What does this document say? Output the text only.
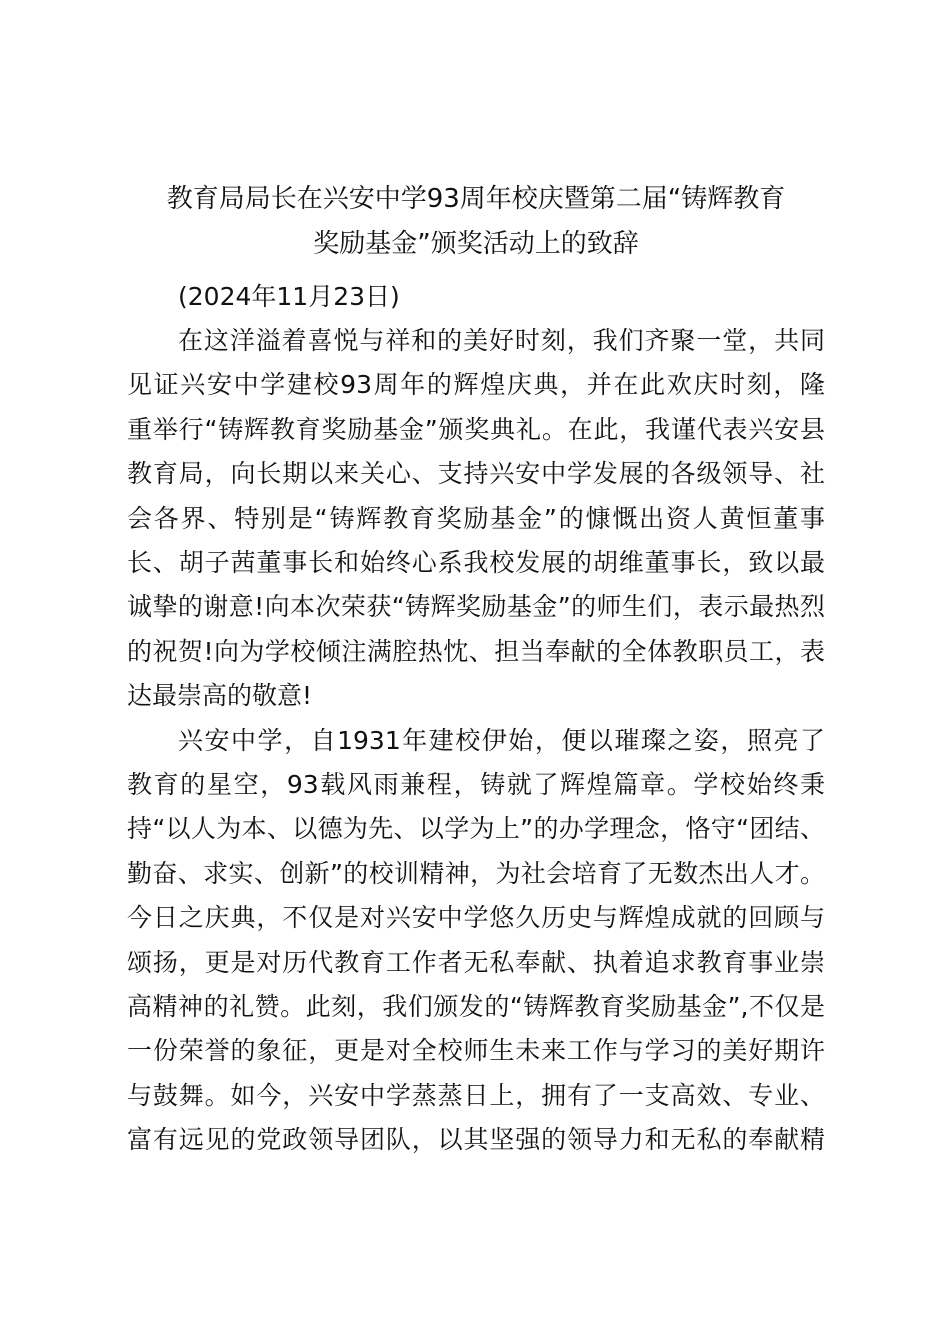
教育局局长在兴安中学93周年校庆暨第二届“铸辉教育
奖励基金”颁奖活动上的致辞
(2024年11月23日)
在这洋溢着喜悦与祥和的美好时刻，我们齐聚一堂，共同
见证兴安中学建校93周年的辉煌庆典，并在此欢庆时刻，隆
重举行“铸辉教育奖励基金”颁奖典礼。在此，我谨代表兴安县
教育局，向长期以来关心、支持兴安中学发展的各级领导、社
会各界、特别是“铸辉教育奖励基金”的慷慨出资人黄恒董事
长、胡子茜董事长和始终心系我校发展的胡维董事长，致以最
诚挚的谢意!向本次荣获“铸辉奖励基金”的师生们，表示最热烈
的祝贺!向为学校倾注满腔热忱、担当奉献的全体教职员工，表
达最崇高的敬意!
兴安中学，自1931年建校伊始，便以璀璨之姿，照亮了
教育的星空，93载风雨兼程，铸就了辉煌篇章。学校始终秉
持“以人为本、以德为先、以学为上”的办学理念，恪守“团结、
勤奋、求实、创新”的校训精神，为社会培育了无数杰出人才。
今日之庆典，不仅是对兴安中学悠久历史与辉煌成就的回顾与
颂扬，更是对历代教育工作者无私奉献、执着追求教育事业崇
高精神的礼赞。此刻，我们颁发的“铸辉教育奖励基金”,不仅是
一份荣誉的象征，更是对全校师生未来工作与学习的美好期许
与鼓舞。如今，兴安中学蒸蒸日上，拥有了一支高效、专业、
富有远见的党政领导团队，以其坚强的领导力和无私的奉献精
